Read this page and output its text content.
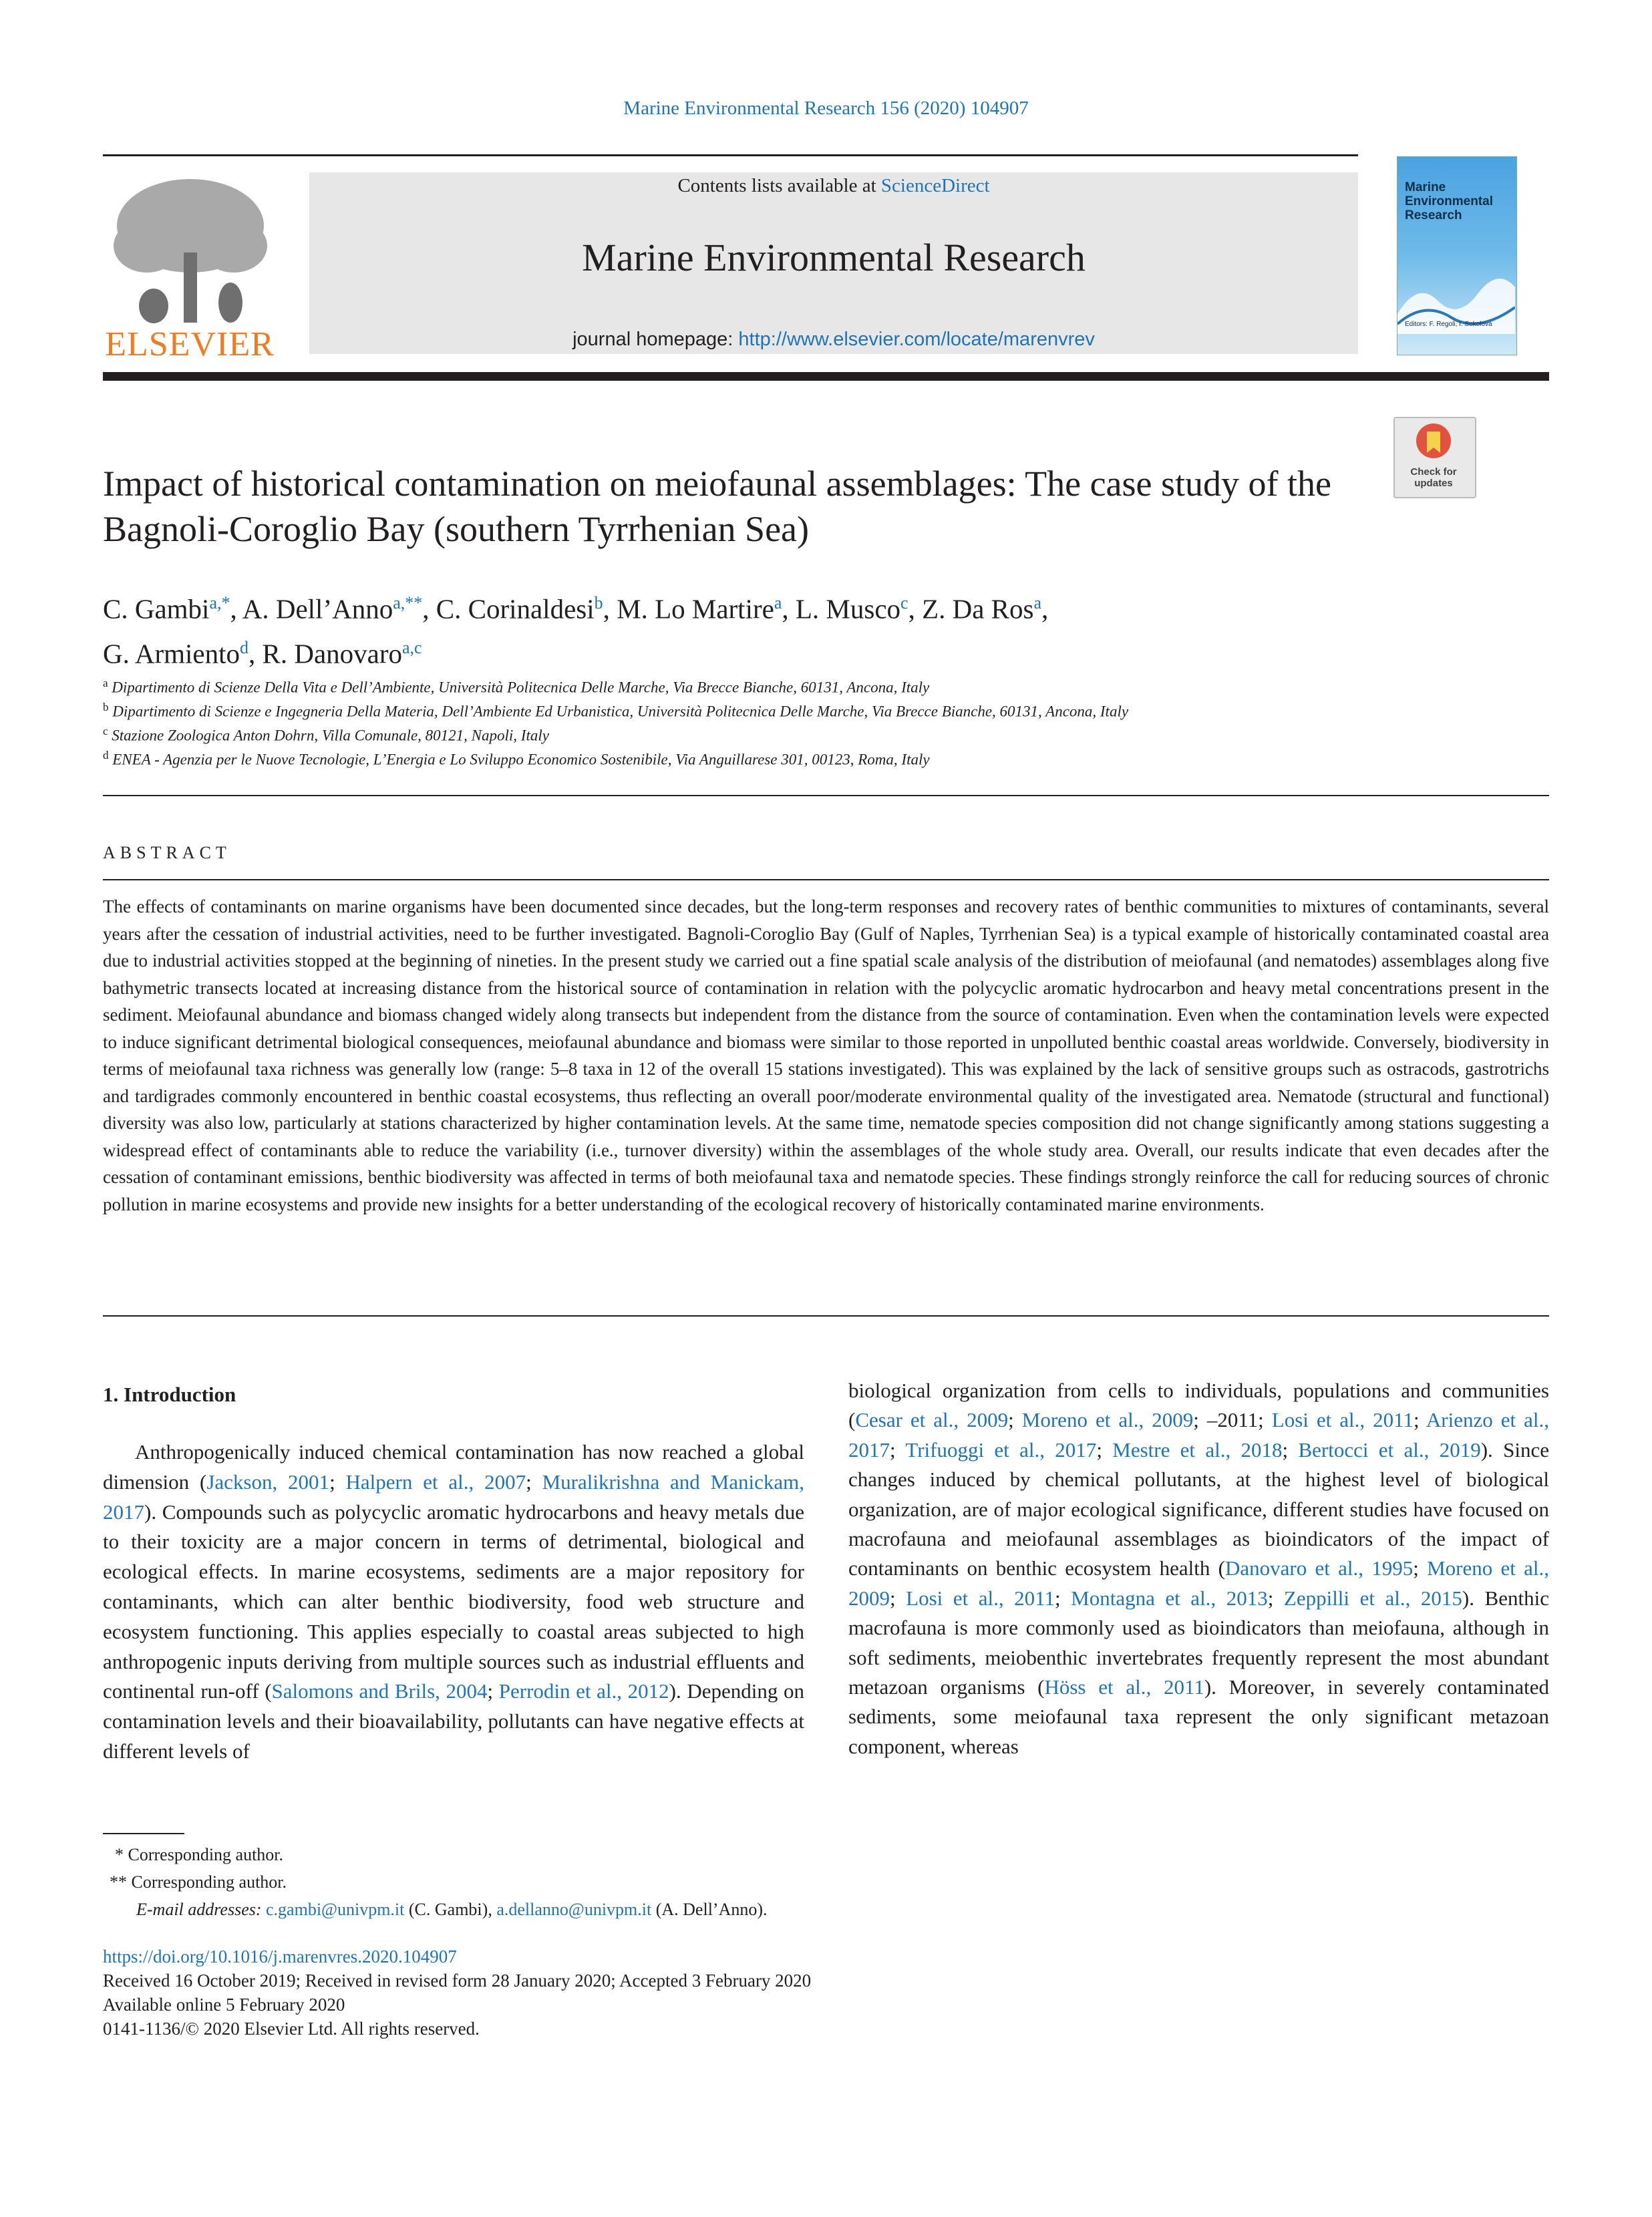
Marine Environmental Research 156 (2020) 104907
ELSEVIER
Contents lists available at ScienceDirect
Marine Environmental Research
journal homepage: http://www.elsevier.com/locate/marenvrev
Marine Environmental Research
Editors: F. Regoli, I. Sokolova
Check for updates
Impact of historical contamination on meiofaunal assemblages: The case study of the Bagnoli-Coroglio Bay (southern Tyrrhenian Sea)
C. Gambi$^{a,*}$, A. Dell’Anno$^{a,**}$, C. Corinaldesi$^b$, M. Lo Martire$^a$, L. Musco$^c$, Z. Da Ros$^a$,
G. Armiento$^d$, R. Danovaro$^{a,c}$
$^a$ Dipartimento di Scienze Della Vita e Dell’Ambiente, Università Politecnica Delle Marche, Via Brecce Bianche, 60131, Ancona, Italy
$^b$ Dipartimento di Scienze e Ingegneria Della Materia, Dell’Ambiente Ed Urbanistica, Università Politecnica Delle Marche, Via Brecce Bianche, 60131, Ancona, Italy
$^c$ Stazione Zoologica Anton Dohrn, Villa Comunale, 80121, Napoli, Italy
$^d$ ENEA - Agenzia per le Nuove Tecnologie, L’Energia e Lo Sviluppo Economico Sostenibile, Via Anguillarese 301, 00123, Roma, Italy
ABSTRACT
The effects of contaminants on marine organisms have been documented since decades, but the long-term responses and recovery rates of benthic communities to mixtures of contaminants, several years after the cessation of industrial activities, need to be further investigated. Bagnoli-Coroglio Bay (Gulf of Naples, Tyrrhenian Sea) is a typical example of historically contaminated coastal area due to industrial activities stopped at the beginning of nineties. In the present study we carried out a fine spatial scale analysis of the distribution of meiofaunal (and nematodes) assemblages along five bathymetric transects located at increasing distance from the historical source of contamination in relation with the polycyclic aromatic hydrocarbon and heavy metal concentrations present in the sediment. Meiofaunal abundance and biomass changed widely along transects but independent from the distance from the source of contamination. Even when the contamination levels were expected to induce significant detrimental biological consequences, meiofaunal abundance and biomass were similar to those reported in unpolluted benthic coastal areas worldwide. Conversely, biodiversity in terms of meiofaunal taxa richness was generally low (range: 5–8 taxa in 12 of the overall 15 stations investigated). This was explained by the lack of sensitive groups such as ostracods, gastrotrichs and tardigrades commonly encountered in benthic coastal ecosystems, thus reflecting an overall poor/moderate environmental quality of the investigated area. Nematode (structural and functional) diversity was also low, particularly at stations characterized by higher contamination levels. At the same time, nematode species composition did not change significantly among stations suggesting a widespread effect of contaminants able to reduce the variability (i.e., turnover diversity) within the assemblages of the whole study area. Overall, our results indicate that even decades after the cessation of contaminant emissions, benthic biodiversity was affected in terms of both meiofaunal taxa and nematode species. These findings strongly reinforce the call for reducing sources of chronic pollution in marine ecosystems and provide new insights for a better understanding of the ecological recovery of historically contaminated marine environments.
1. Introduction
Anthropogenically induced chemical contamination has now reached a global dimension (Jackson, 2001; Halpern et al., 2007; Muralikrishna and Manickam, 2017). Compounds such as polycyclic aromatic hydrocarbons and heavy metals due to their toxicity are a major concern in terms of detrimental, biological and ecological effects. In marine ecosystems, sediments are a major repository for contaminants, which can alter benthic biodiversity, food web structure and ecosystem functioning. This applies especially to coastal areas subjected to high anthropogenic inputs deriving from multiple sources such as industrial effluents and continental run-off (Salomons and Brils, 2004; Perrodin et al., 2012). Depending on contamination levels and their bioavailability, pollutants can have negative effects at different levels of
biological organization from cells to individuals, populations and communities (Cesar et al., 2009; Moreno et al., 2009; –2011; Losi et al., 2011; Arienzo et al., 2017; Trifuoggi et al., 2017; Mestre et al., 2018; Bertocci et al., 2019). Since changes induced by chemical pollutants, at the highest level of biological organization, are of major ecological significance, different studies have focused on macrofauna and meiofaunal assemblages as bioindicators of the impact of contaminants on benthic ecosystem health (Danovaro et al., 1995; Moreno et al., 2009; Losi et al., 2011; Montagna et al., 2013; Zeppilli et al., 2015). Benthic macrofauna is more commonly used as bioindicators than meiofauna, although in soft sediments, meiobenthic invertebrates frequently represent the most abundant metazoan organisms (Höss et al., 2011). Moreover, in severely contaminated sediments, some meiofaunal taxa represent the only significant metazoan component, whereas
* Corresponding author.
** Corresponding author.
E-mail addresses: c.gambi@univpm.it (C. Gambi), a.dellanno@univpm.it (A. Dell’Anno).
https://doi.org/10.1016/j.marenvres.2020.104907
Received 16 October 2019; Received in revised form 28 January 2020; Accepted 3 February 2020
Available online 5 February 2020
0141-1136/© 2020 Elsevier Ltd. All rights reserved.
